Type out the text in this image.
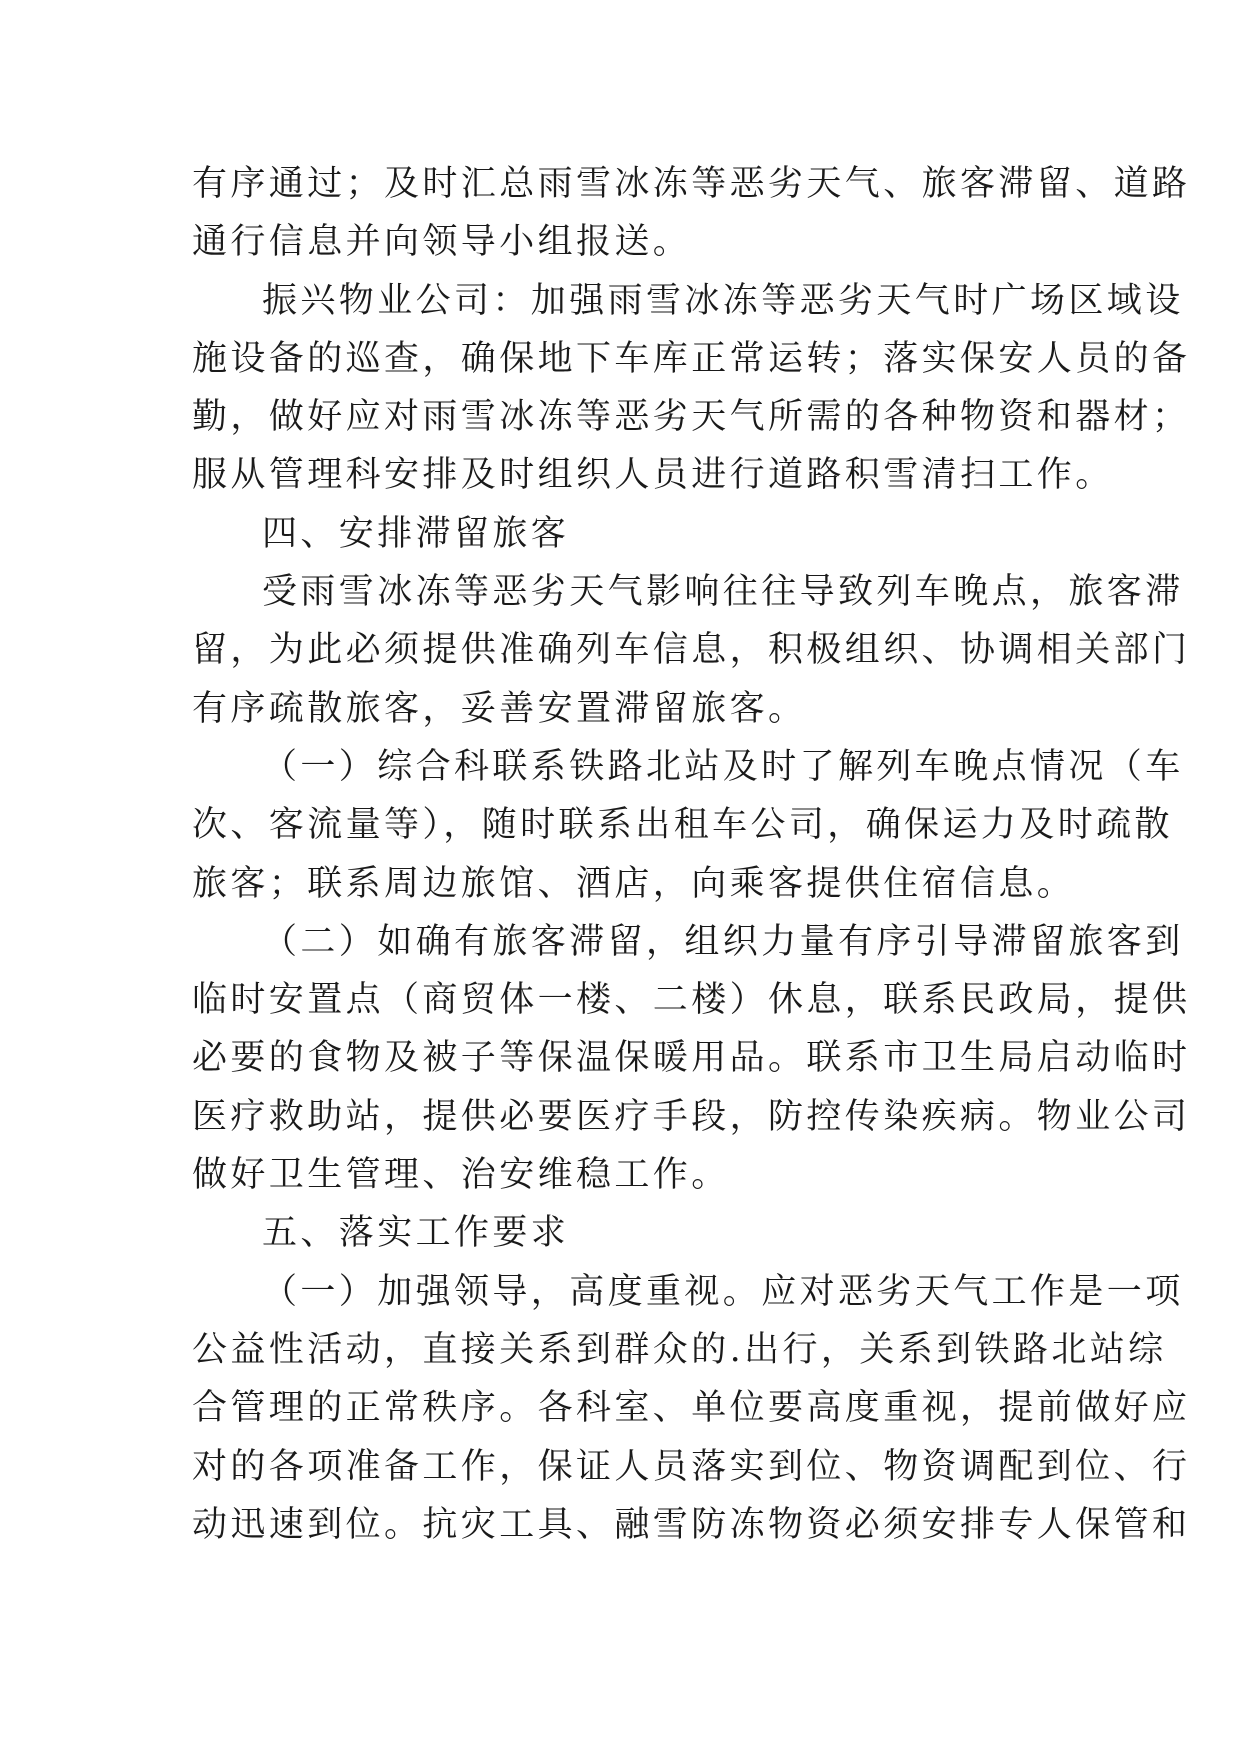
有序通过；及时汇总雨雪冰冻等恶劣天气、旅客滞留、道路
通行信息并向领导小组报送。
振兴物业公司：加强雨雪冰冻等恶劣天气时广场区域设
施设备的巡查，确保地下车库正常运转；落实保安人员的备
勤，做好应对雨雪冰冻等恶劣天气所需的各种物资和器材；
服从管理科安排及时组织人员进行道路积雪清扫工作。
四、安排滞留旅客
受雨雪冰冻等恶劣天气影响往往导致列车晚点，旅客滞
留，为此必须提供准确列车信息，积极组织、协调相关部门
有序疏散旅客，妥善安置滞留旅客。
（一）综合科联系铁路北站及时了解列车晚点情况（车
次、客流量等），随时联系出租车公司，确保运力及时疏散
旅客；联系周边旅馆、酒店，向乘客提供住宿信息。
（二）如确有旅客滞留，组织力量有序引导滞留旅客到
临时安置点（商贸体一楼、二楼）休息，联系民政局，提供
必要的食物及被子等保温保暖用品。联系市卫生局启动临时
医疗救助站，提供必要医疗手段，防控传染疾病。物业公司
做好卫生管理、治安维稳工作。
五、落实工作要求
（一）加强领导，高度重视。应对恶劣天气工作是一项
公益性活动，直接关系到群众的.出行，关系到铁路北站综
合管理的正常秩序。各科室、单位要高度重视，提前做好应
对的各项准备工作，保证人员落实到位、物资调配到位、行
动迅速到位。抗灾工具、融雪防冻物资必须安排专人保管和
